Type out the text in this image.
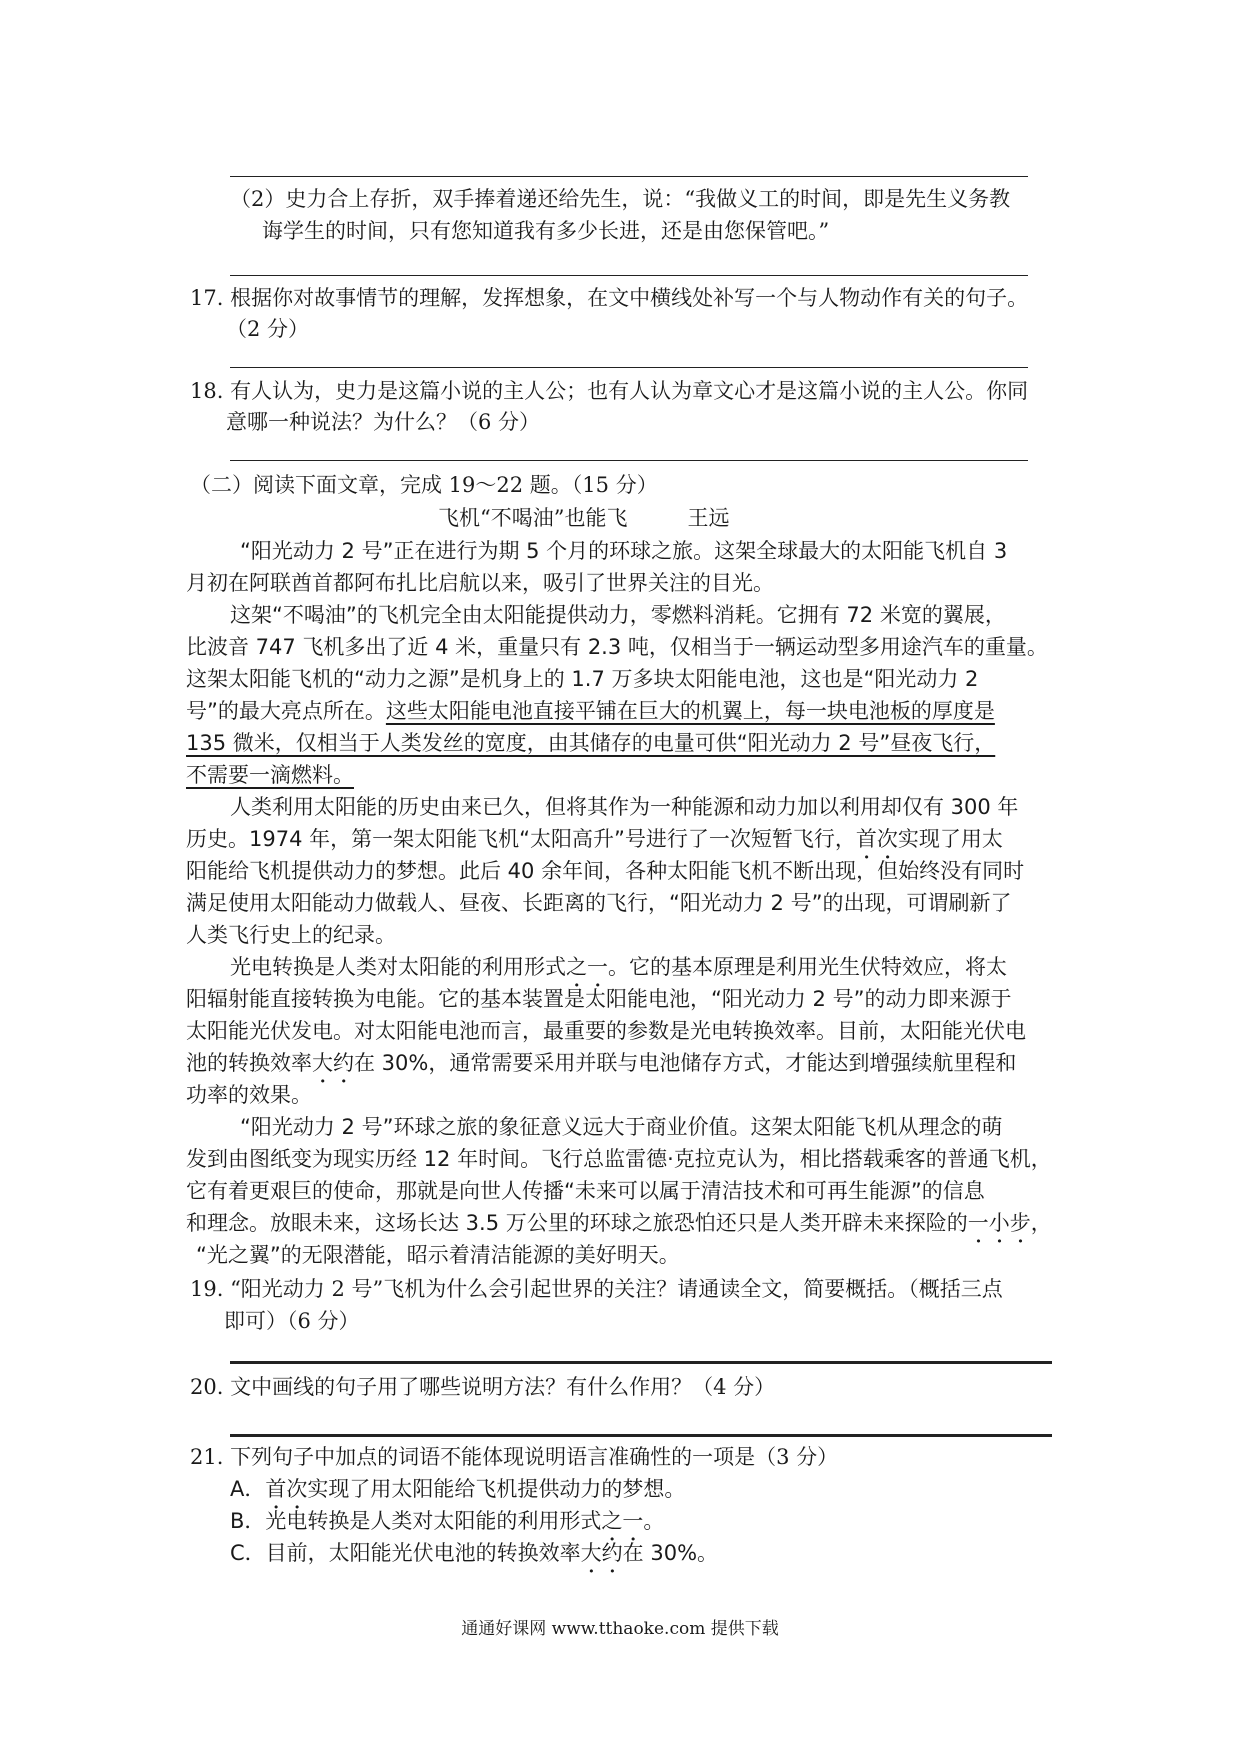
（2）史力合上存折，双手捧着递还给先生，说：“我做义工的时间，即是先生义务教
诲学生的时间，只有您知道我有多少长进，还是由您保管吧。”
17. 根据你对故事情节的理解，发挥想象，在文中横线处补写一个与人物动作有关的句子。
（2 分）
18. 有人认为，史力是这篇小说的主人公；也有人认为章文心才是这篇小说的主人公。你同
意哪一种说法？为什么？（6 分）
（二）阅读下面文章，完成 19～22 题。（15 分）
飞机“不喝油”也能飞	王远
“阳光动力 2 号”正在进行为期 5 个月的环球之旅。这架全球最大的太阳能飞机自 3
月初在阿联酋首都阿布扎比启航以来，吸引了世界关注的目光。
这架“不喝油”的飞机完全由太阳能提供动力，零燃料消耗。它拥有 72 米宽的翼展，
比波音 747 飞机多出了近 4 米，重量只有 2.3 吨，仅相当于一辆运动型多用途汽车的重量。
这架太阳能飞机的“动力之源”是机身上的 1.7 万多块太阳能电池，这也是“阳光动力 2
号”的最大亮点所在。这些太阳能电池直接平铺在巨大的机翼上，每一块电池板的厚度是
135 微米，仅相当于人类发丝的宽度，由其储存的电量可供“阳光动力 2 号”昼夜飞行，
不需要一滴燃料。
人类利用太阳能的历史由来已久，但将其作为一种能源和动力加以利用却仅有 300 年
历史。1974 年，第一架太阳能飞机“太阳高升”号进行了一次短暂飞行，首次实现了用太
阳能给飞机提供动力的梦想。此后 40 余年间，各种太阳能飞机不断出现，但始终没有同时
满足使用太阳能动力做载人、昼夜、长距离的飞行，“阳光动力 2 号”的出现，可谓刷新了
人类飞行史上的纪录。
光电转换是人类对太阳能的利用形式之一。它的基本原理是利用光生伏特效应，将太
阳辐射能直接转换为电能。它的基本装置是太阳能电池，“阳光动力 2 号”的动力即来源于
太阳能光伏发电。对太阳能电池而言，最重要的参数是光电转换效率。目前，太阳能光伏电
池的转换效率大约在 30%，通常需要采用并联与电池储存方式，才能达到增强续航里程和
功率的效果。
“阳光动力 2 号”环球之旅的象征意义远大于商业价值。这架太阳能飞机从理念的萌
发到由图纸变为现实历经 12 年时间。飞行总监雷德·克拉克认为，相比搭载乘客的普通飞机，
它有着更艰巨的使命，那就是向世人传播“未来可以属于清洁技术和可再生能源”的信息
和理念。放眼未来，这场长达 3.5 万公里的环球之旅恐怕还只是人类开辟未来探险的一小步，
“光之翼”的无限潜能，昭示着清洁能源的美好明天。
19. “阳光动力 2 号”飞机为什么会引起世界的关注？请通读全文，简要概括。（概括三点
即可）（6 分）
20. 文中画线的句子用了哪些说明方法？有什么作用？（4 分）
21. 下列句子中加点的词语不能体现说明语言准确性的一项是（3 分）
A．首次实现了用太阳能给飞机提供动力的梦想。
B．光电转换是人类对太阳能的利用形式之一。
C．目前，太阳能光伏电池的转换效率大约在 30%。
通通好课网 www.tthaoke.com 提供下载
